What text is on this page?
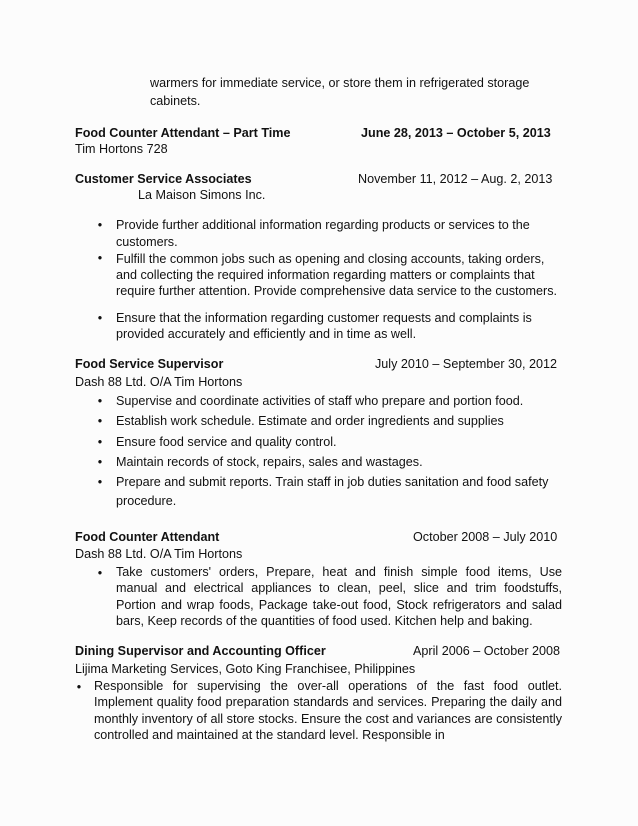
warmers for immediate service, or store them in refrigerated storage
cabinets.
Food Counter Attendant – Part Time	June 28, 2013 – October 5, 2013
Tim Hortons 728
Customer Service Associates	November 11, 2012 – Aug. 2, 2013
La Maison Simons Inc.
• Provide further additional information regarding products or services to the
customers.
• Fulfill the common jobs such as opening and closing accounts, taking orders,
and collecting the required information regarding matters or complaints that
require further attention. Provide comprehensive data service to the customers.
• Ensure that the information regarding customer requests and complaints is
provided accurately and efficiently and in time as well.
Food Service Supervisor	July 2010 – September 30, 2012
Dash 88 Ltd. O/A Tim Hortons
• Supervise and coordinate activities of staff who prepare and portion food.
• Establish work schedule. Estimate and order ingredients and supplies
• Ensure food service and quality control.
• Maintain records of stock, repairs, sales and wastages.
• Prepare and submit reports. Train staff in job duties sanitation and food safety
procedure.
Food Counter Attendant	October 2008 – July 2010
Dash 88 Ltd. O/A Tim Hortons
• Take customers' orders, Prepare, heat and finish simple food items, Use manual and electrical appliances to clean, peel, slice and trim foodstuffs, Portion and wrap foods, Package take-out food, Stock refrigerators and salad bars, Keep records of the quantities of food used. Kitchen help and baking.
Dining Supervisor and Accounting Officer	April 2006 – October 2008
Lijima Marketing Services, Goto King Franchisee, Philippines
• Responsible for supervising the over-all operations of the fast food outlet. Implement quality food preparation standards and services. Preparing the daily and monthly inventory of all store stocks. Ensure the cost and variances are consistently controlled and maintained at the standard level. Responsible in
